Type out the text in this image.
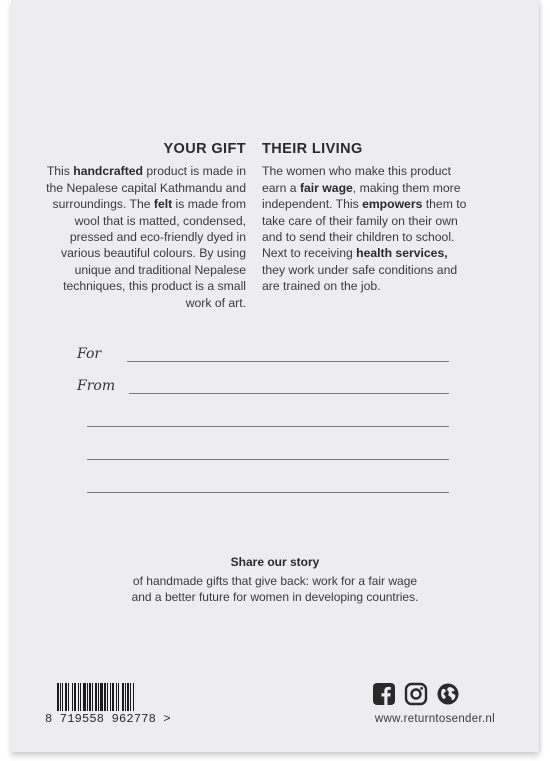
YOUR GIFT

This handcrafted product is made in the Nepalese capital Kathmandu and surroundings. The felt is made from wool that is matted, condensed, pressed and eco-friendly dyed in various beautiful colours. By using unique and traditional Nepalese techniques, this product is a small work of art.

THEIR LIVING

The women who make this product earn a fair wage, making them more independent. This empowers them to take care of their family on their own and to send their children to school. Next to receiving health services, they work under safe conditions and are trained on the job.

For
From
Share our story
of handmade gifts that give back: work for a fair wage
and a better future for women in developing countries.
8 719558 962778 >	www.returntosender.nl
